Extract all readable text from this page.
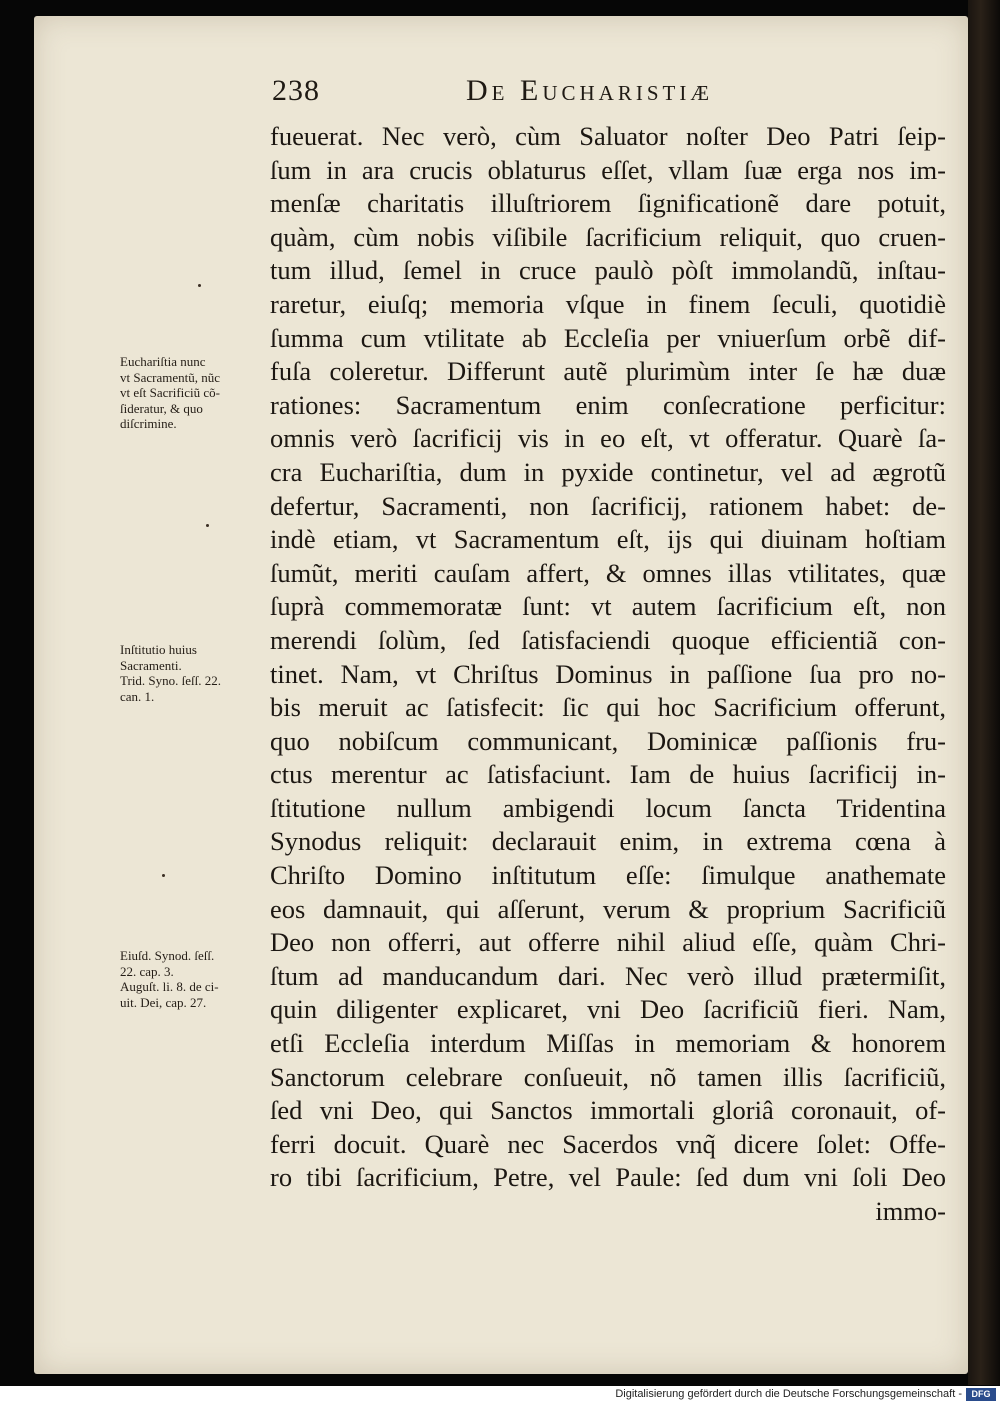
238	De Eucharistiæ
fueuerat. Nec verò, cùm Saluator noſter Deo Patri ſeip-
ſum in ara crucis oblaturus eſſet, vllam ſuæ erga nos im-
menſæ charitatis illuſtriorem ſignificationẽ dare potuit,
quàm, cùm nobis viſibile ſacrificium reliquit, quo cruen-
tum illud, ſemel in cruce paulò pòſt immolandũ, inſtau-
raretur, eiuſq; memoria vſque in finem ſeculi, quotidiè
ſumma cum vtilitate ab Eccleſia per vniuerſum orbẽ dif-
fuſa coleretur. Differunt autẽ plurimùm inter ſe hæ duæ
rationes: Sacramentum enim conſecratione perficitur:
omnis verò ſacrificij vis in eo eſt, vt offeratur. Quarè ſa-
cra Euchariſtia, dum in pyxide continetur, vel ad ægrotũ
defertur, Sacramenti, non ſacrificij, rationem habet: de-
indè etiam, vt Sacramentum eſt, ijs qui diuinam hoſtiam
ſumũt, meriti cauſam affert, & omnes illas vtilitates, quæ
ſuprà commemoratæ ſunt: vt autem ſacrificium eſt, non
merendi ſolùm, ſed ſatisfaciendi quoque efficientiã con-
tinet. Nam, vt Chriſtus Dominus in paſſione ſua pro no-
bis meruit ac ſatisfecit: ſic qui hoc Sacrificium offerunt,
quo nobiſcum communicant, Dominicæ paſſionis fru-
ctus merentur ac ſatisfaciunt. Iam de huius ſacrificij in-
ſtitutione nullum ambigendi locum ſancta Tridentina
Synodus reliquit: declarauit enim, in extrema cœna à
Chriſto Domino inſtitutum eſſe: ſimulque anathemate
eos damnauit, qui aſſerunt, verum & proprium Sacrificiũ
Deo non offerri, aut offerre nihil aliud eſſe, quàm Chri-
ſtum ad manducandum dari. Nec verò illud prætermiſit,
quin diligenter explicaret, vni Deo ſacrificiũ fieri. Nam,
etſi Eccleſia interdum Miſſas in memoriam & honorem
Sanctorum celebrare conſueuit, nõ tamen illis ſacrificiũ,
ſed vni Deo, qui Sanctos immortali gloriâ coronauit, of-
ferri docuit. Quarè nec Sacerdos vnq̃ dicere ſolet: Offe-
ro tibi ſacrificium, Petre, vel Paule: ſed dum vni ſoli Deo
immo-
Euchariſtia nunc
vt Sacramentũ, nũc
vt eſt Sacrificiũ cõ-
ſideratur, & quo
diſcrimine.
Inſtitutio huius
Sacramenti.
Trid. Syno. ſeſſ. 22.
can. 1.
Eiuſd. Synod. ſeſſ.
22. cap. 3.
Auguſt. li. 8. de ci-
uit. Dei, cap. 27.
Digitalisierung gefördert durch die Deutsche Forschungsgemeinschaft -	DFG
